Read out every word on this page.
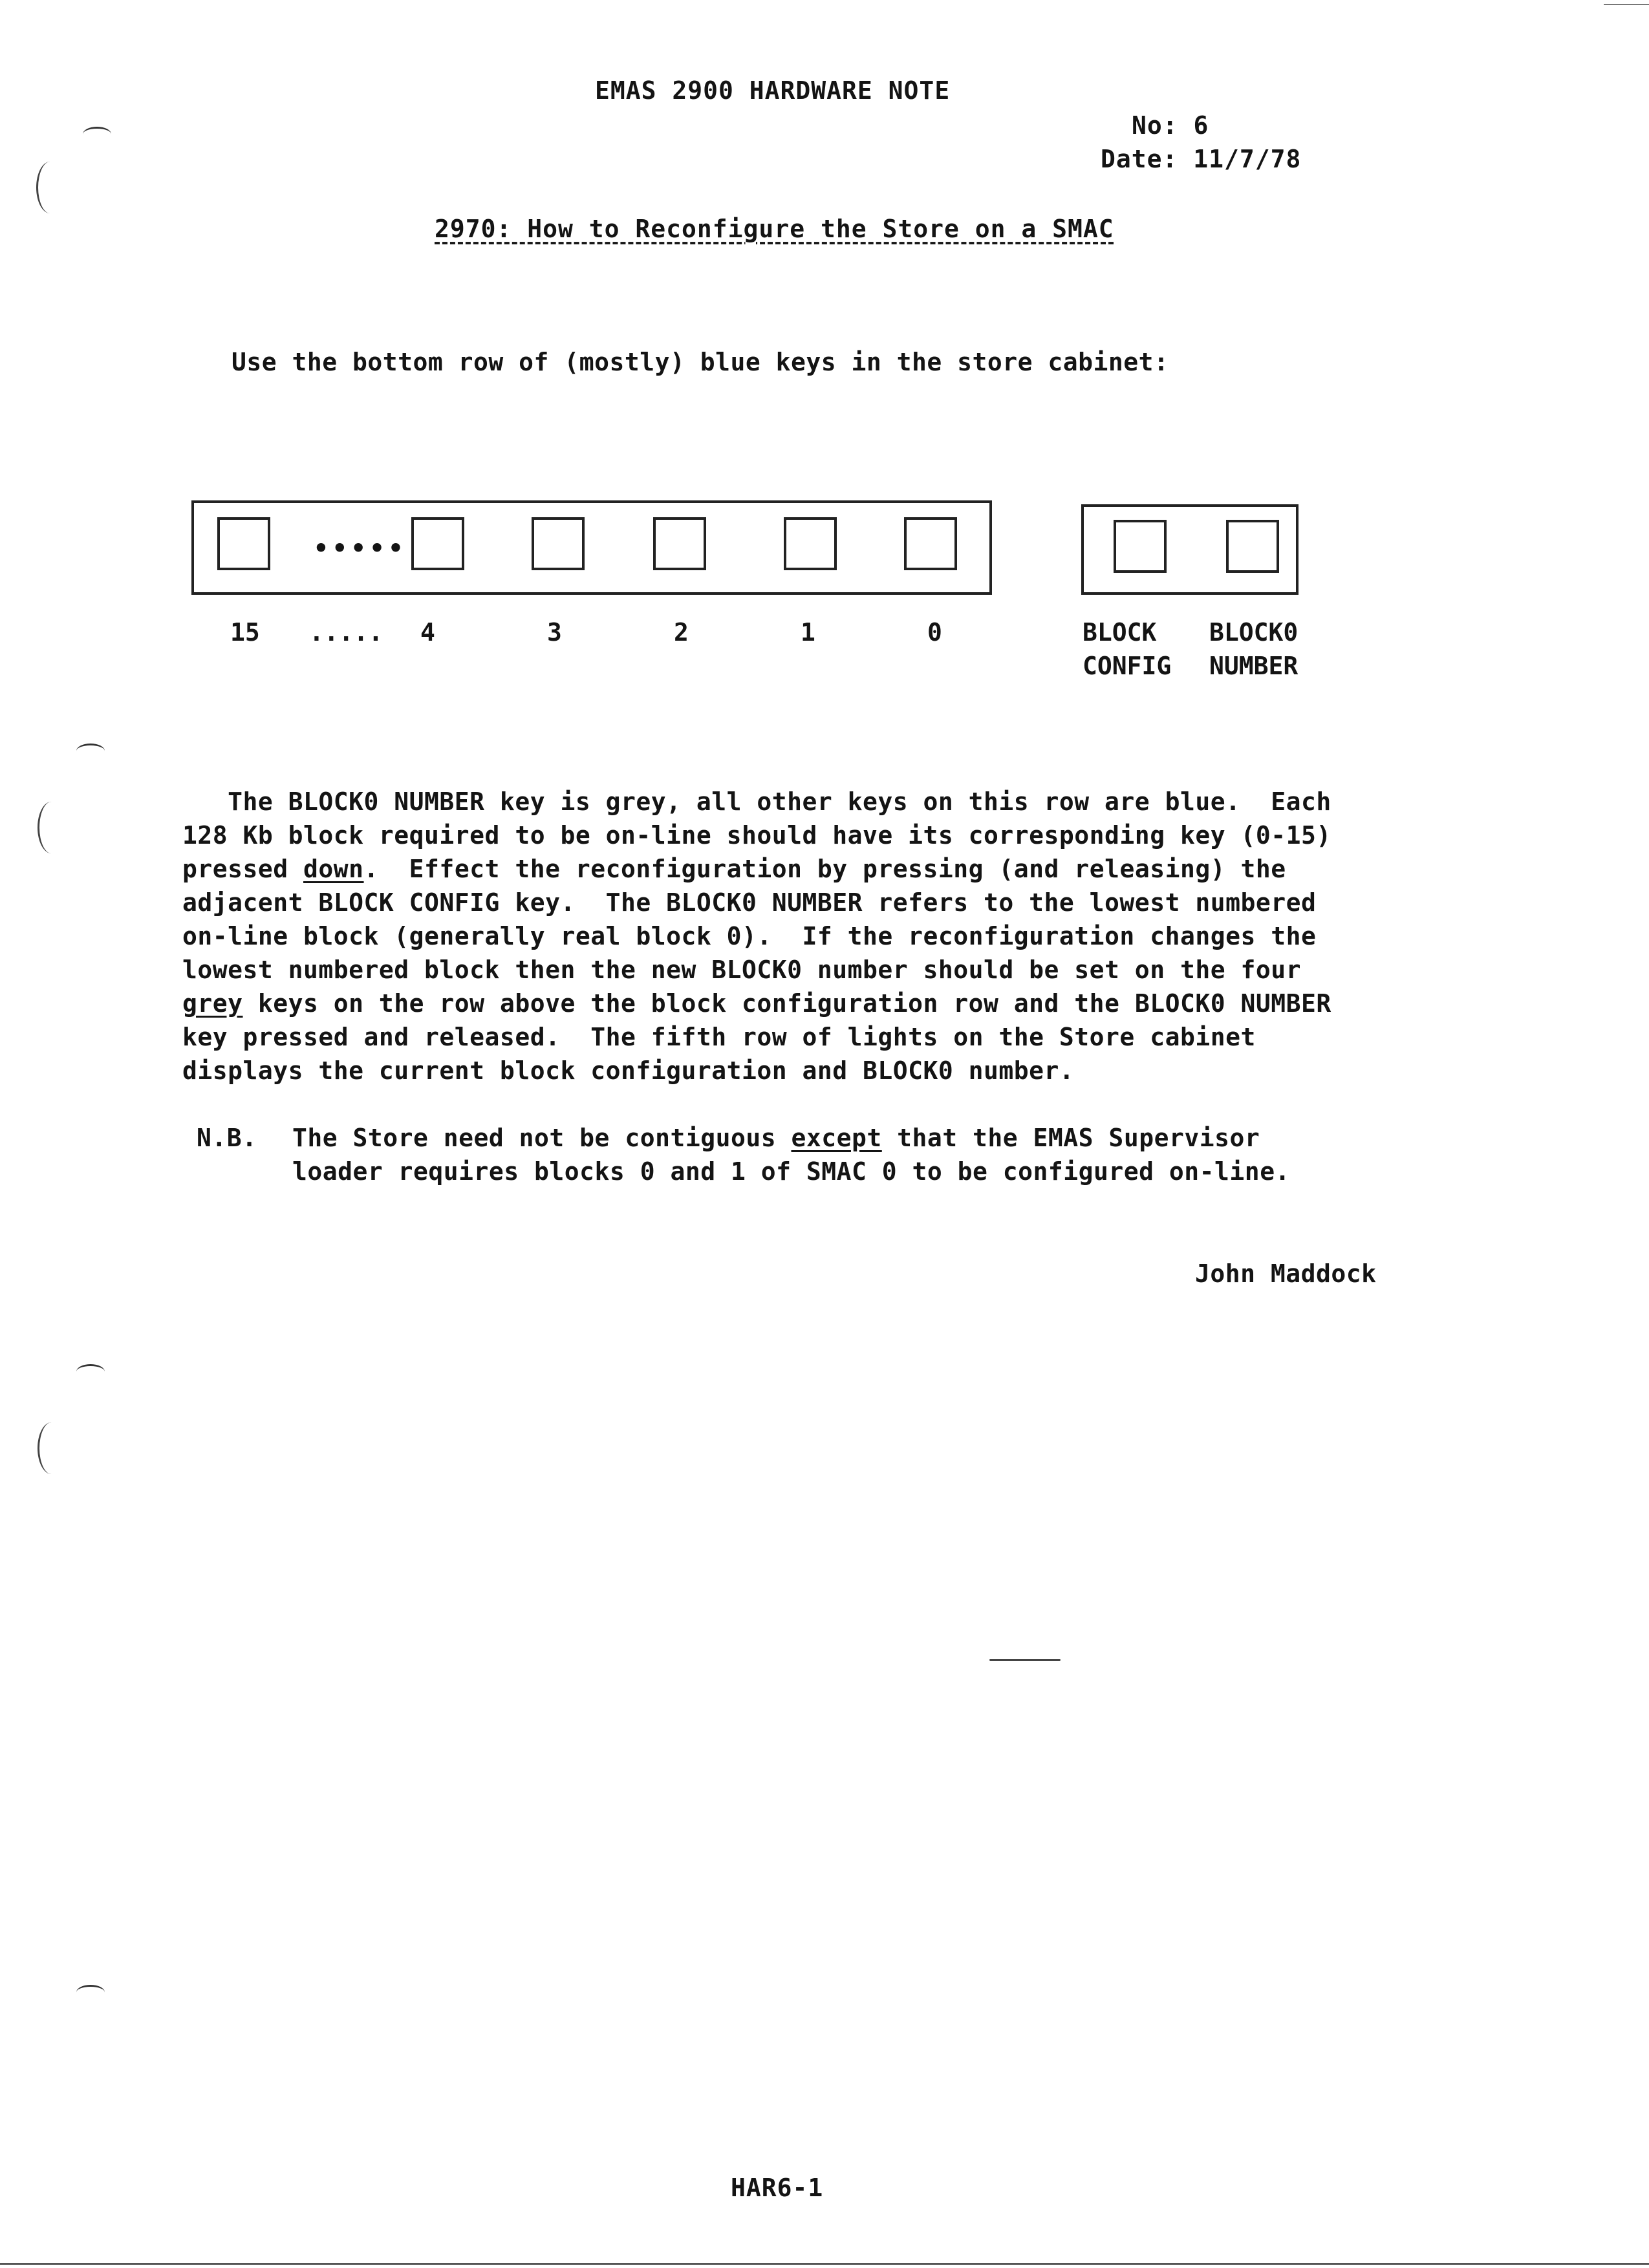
EMAS 2900 HARDWARE NOTE
No: 6
Date: 11/7/78
2970: How to Reconfigure the Store on a SMAC
Use the bottom row of (mostly) blue keys in the store cabinet:
•••••
15 ..... 4	3	2	1	0	BLOCK
CONFIG
BLOCK0
NUMBER
The BLOCK0 NUMBER key is grey, all other keys on this row are blue.  Each
128 Kb block required to be on-line should have its corresponding key (0-15)
pressed down.  Effect the reconfiguration by pressing (and releasing) the
adjacent BLOCK CONFIG key.  The BLOCK0 NUMBER refers to the lowest numbered
on-line block (generally real block 0).  If the reconfiguration changes the
lowest numbered block then the new BLOCK0 number should be set on the four
grey keys on the row above the block configuration row and the BLOCK0 NUMBER
key pressed and released.  The fifth row of lights on the Store cabinet
displays the current block configuration and BLOCK0 number.
N.B. The Store need not be contiguous except that the EMAS Supervisor
loader requires blocks 0 and 1 of SMAC 0 to be configured on-line.
John Maddock
HAR6-1
